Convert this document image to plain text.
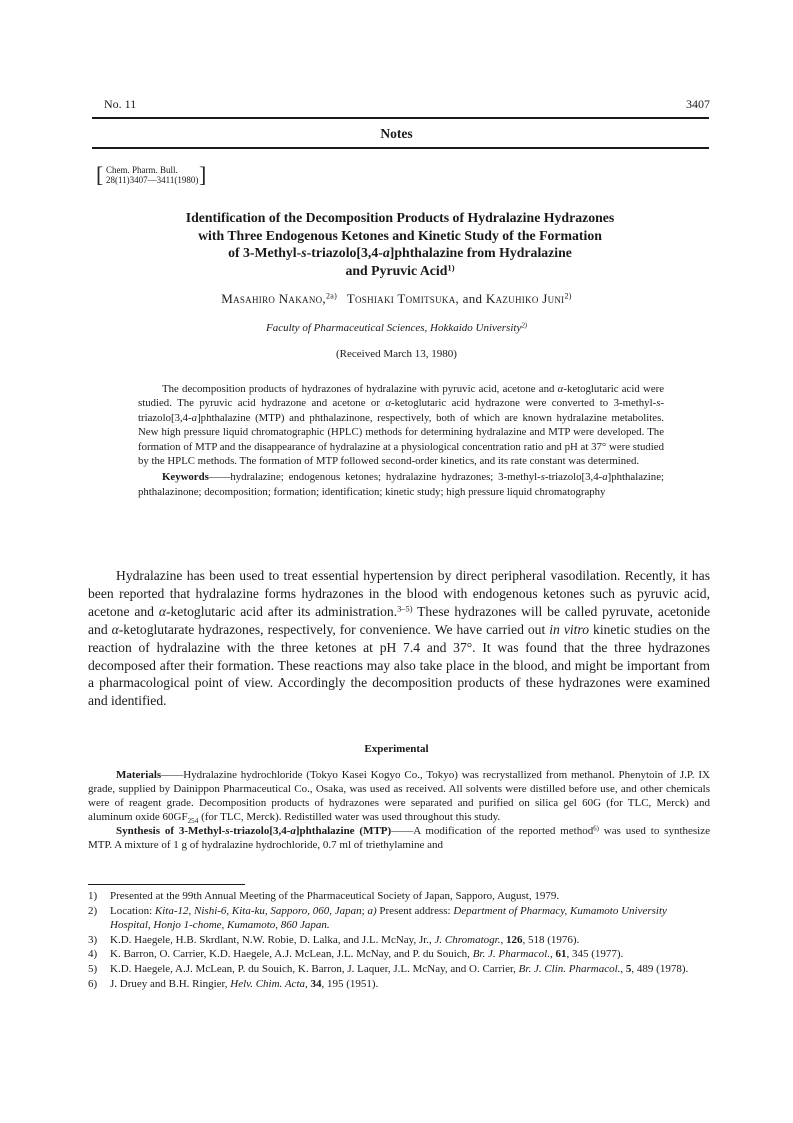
No. 11	3407
Notes
[ Chem. Pharm. Bull.
28(11)3407—3411(1980) ]
Identification of the Decomposition Products of Hydralazine Hydrazones
with Three Endogenous Ketones and Kinetic Study of the Formation
of 3-Methyl-s-triazolo[3,4-a]phthalazine from Hydralazine
and Pyruvic Acid$^{1)}$
Masahiro Nakano,$^{2a)}$ Toshiaki Tomitsuka, and Kazuhiko Juni$^{2)}$
Faculty of Pharmaceutical Sciences, Hokkaido University$^{2)}$
(Received March 13, 1980)

The decomposition products of hydrazones of hydralazine with pyruvic acid, acetone and α-ketoglutaric acid were studied. The pyruvic acid hydrazone and acetone or α-ketoglutaric acid hydrazone were converted to 3-methyl-s-triazolo[3,4-a]phthalazine (MTP) and phthalazinone, respectively, both of which are known hydralazine metabolites. New high pressure liquid chromatographic (HPLC) methods for determining hydralazine and MTP were developed. The formation of MTP and the disappearance of hydralazine at a physiological concentration ratio and pH at 37° were studied by the HPLC methods. The formation of MTP followed second-order kinetics, and its rate constant was determined.

Keywords——hydralazine; endogenous ketones; hydralazine hydrazones; 3-methyl-s-triazolo[3,4-a]phthalazine; phthalazinone; decomposition; formation; identification; kinetic study; high pressure liquid chromatography

Hydralazine has been used to treat essential hypertension by direct peripheral vasodilation. Recently, it has been reported that hydralazine forms hydrazones in the blood with endogenous ketones such as pyruvic acid, acetone and α-ketoglutaric acid after its administration.$^{3-5)}$ These hydrazones will be called pyruvate, acetonide and α-ketoglutarate hydrazones, respectively, for convenience. We have carried out in vitro kinetic studies on the reaction of hydralazine with the three ketones at pH 7.4 and 37°. It was found that the three hydrazones decomposed after their formation. These reactions may also take place in the blood, and might be important from a pharmacological point of view. Accordingly the decomposition products of these hydrazones were examined and identified.

Experimental

Materials——Hydralazine hydrochloride (Tokyo Kasei Kogyo Co., Tokyo) was recrystallized from methanol. Phenytoin of J.P. IX grade, supplied by Dainippon Pharmaceutical Co., Osaka, was used as received. All solvents were distilled before use, and other chemicals were of reagent grade. Decomposition products of hydrazones were separated and purified on silica gel 60G (for TLC, Merck) and aluminum oxide $60GF_{254}$ (for TLC, Merck). Redistilled water was used throughout this study.

Synthesis of 3-Methyl-s-triazolo[3,4-a]phthalazine (MTP)——A modification of the reported method$^{6)}$ was used to synthesize MTP. A mixture of 1 g of hydralazine hydrochloride, 0.7 ml of triethylamine and

1)	Presented at the 99th Annual Meeting of the Pharmaceutical Society of Japan, Sapporo, August, 1979.
2)	Location: Kita-12, Nishi-6, Kita-ku, Sapporo, 060, Japan; a) Present address: Department of Pharmacy, Kumamoto University Hospital, Honjo 1-chome, Kumamoto, 860 Japan.
3)	K.D. Haegele, H.B. Skrdlant, N.W. Robie, D. Lalka, and J.L. McNay, Jr., J. Chromatogr., 126, 518 (1976).
4)	K. Barron, O. Carrier, K.D. Haegele, A.J. McLean, J.L. McNay, and P. du Souich, Br. J. Pharmacol., 61, 345 (1977).
5)	K.D. Haegele, A.J. McLean, P. du Souich, K. Barron, J. Laquer, J.L. McNay, and O. Carrier, Br. J. Clin. Pharmacol., 5, 489 (1978).
6)	J. Druey and B.H. Ringier, Helv. Chim. Acta, 34, 195 (1951).
